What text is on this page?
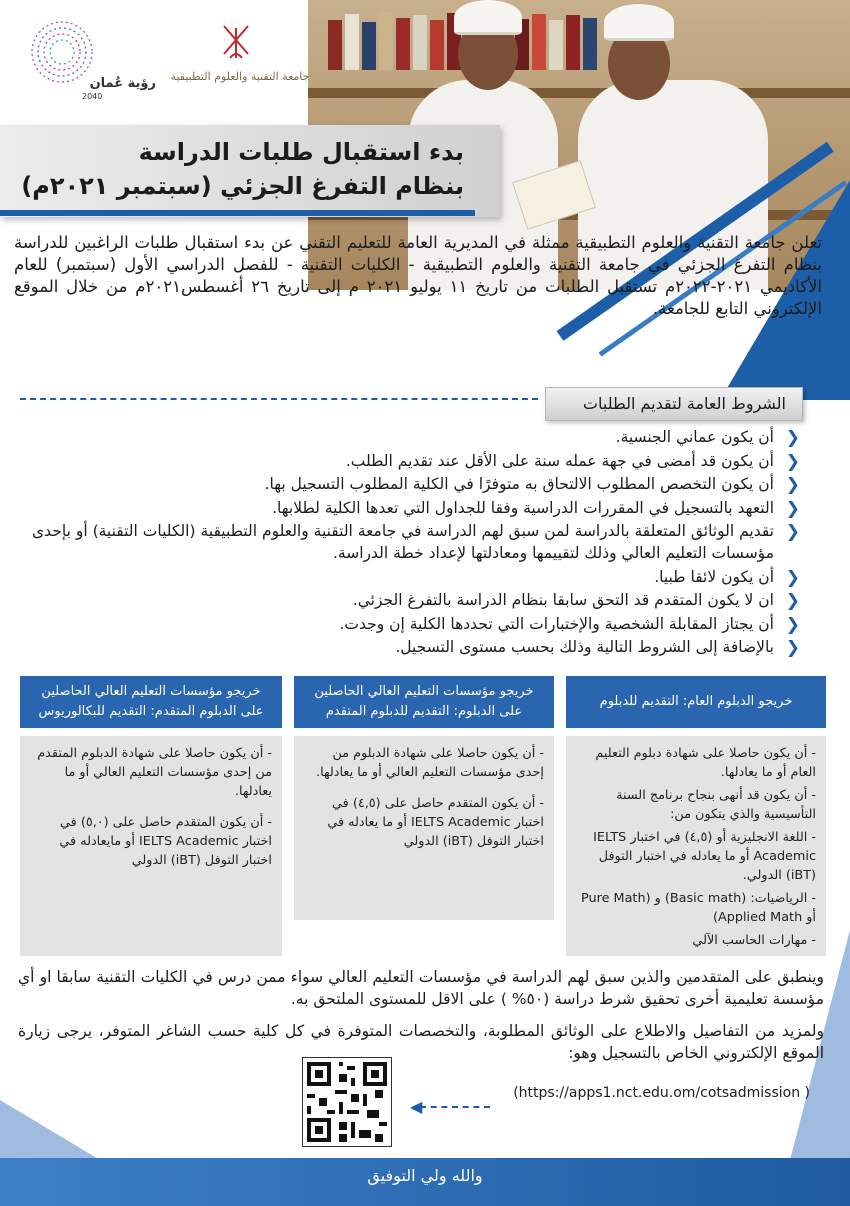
رؤية عُمان
2040
جامعة التقنية والعلوم التطبيقية
بدء استقبال طلبات الدراسة
بنظام التفرغ الجزئي (سبتمبر ٢٠٢١م)
تعلن جامعة التقنية والعلوم التطبيقية ممثلة في المديرية العامة للتعليم التقني عن بدء استقبال طلبات الراغبين للدراسة بنظام التفرغ الجزئي في جامعة التقنية والعلوم التطبيقية - الكليات التقنية - للفصل الدراسي الأول (سبتمبر) للعام الأكاديمي ٢٠٢١-٢٠٢٢م تستقبل الطلبات من تاريخ ١١ يوليو ٢٠٢١ م إلى تاريخ ٢٦ أغسطس٢٠٢١م من خلال الموقع الإلكتروني التابع للجامعة.
الشروط العامة لتقديم الطلبات
❮
أن يكون عماني الجنسية.
❮
أن يكون قد أمضى في جهة عمله سنة على الأقل عند تقديم الطلب.
❮
أن يكون التخصص المطلوب الالتحاق به متوفرًا في الكلية المطلوب التسجيل بها.
❮
التعهد بالتسجيل في المقررات الدراسية وفقا للجداول التي تعدها الكلية لطلابها.
❮
تقديم الوثائق المتعلقة بالدراسة لمن سبق لهم الدراسة في جامعة التقنية والعلوم التطبيقية (الكليات التقنية) أو بإحدى مؤسسات التعليم العالي وذلك لتقييمها ومعادلتها لإعداد خطة الدراسة.
❮
أن يكون لائقا طبيا.
❮
ان لا يكون المتقدم قد التحق سابقا بنظام الدراسة بالتفرغ الجزئي.
❮
أن يجتاز المقابلة الشخصية والإختبارات التي تحددها الكلية إن وجدت.
❮
بالإضافة إلى الشروط التالية وذلك بحسب مستوى التسجيل.
خريجو الدبلوم العام: التقديم للدبلوم
خريجو مؤسسات التعليم العالي الحاصلين على الدبلوم: التقديم للدبلوم المتقدم
خريجو مؤسسات التعليم العالي الحاصلين على الدبلوم المتقدم: التقديم للبكالوريوس

- أن يكون حاصلا على شهادة دبلوم التعليم العام أو ما يعادلها.

- أن يكون قد أنهى بنجاح برنامج السنة التأسيسية والذي يتكون من:

- اللغة الانجليزية أو (٤,٥) في اختبار IELTS Academic أو ما يعادله في اختبار التوفل (iBT) الدولي.

- الرياضيات: (Basic math) و (Pure Math أو Applied Math)

- مهارات الحاسب الآلي

- أن يكون حاصلا على شهادة الدبلوم من إحدى مؤسسات التعليم العالي أو ما يعادلها.

- أن يكون المتقدم حاصل على (٤,٥) في اختبار IELTS Academic أو ما يعادله في اختبار التوفل (iBT) الدولي

- أن يكون حاصلا على شهادة الدبلوم المتقدم من إحدى مؤسسات التعليم العالي أو ما يعادلها.

- أن يكون المتقدم حاصل على (٥,٠) في اختبار IELTS Academic أو مايعادله في اختبار التوفل (iBT) الدولي

وينطبق على المتقدمين والذين سبق لهم الدراسة في مؤسسات التعليم العالي سواء ممن درس في الكليات التقنية سابقا او أي مؤسسة تعليمية أخرى تحقيق شرط دراسة (٥٠% ) على الاقل للمستوى الملتحق به.
ولمزيد من التفاصيل والاطلاع على الوثائق المطلوبة، والتخصصات المتوفرة في كل كلية حسب الشاغر المتوفر، يرجى زيارة الموقع الإلكتروني الخاص بالتسجيل وهو:
◀
(https://apps1.nct.edu.om/cotsadmission )
والله ولي التوفيق
